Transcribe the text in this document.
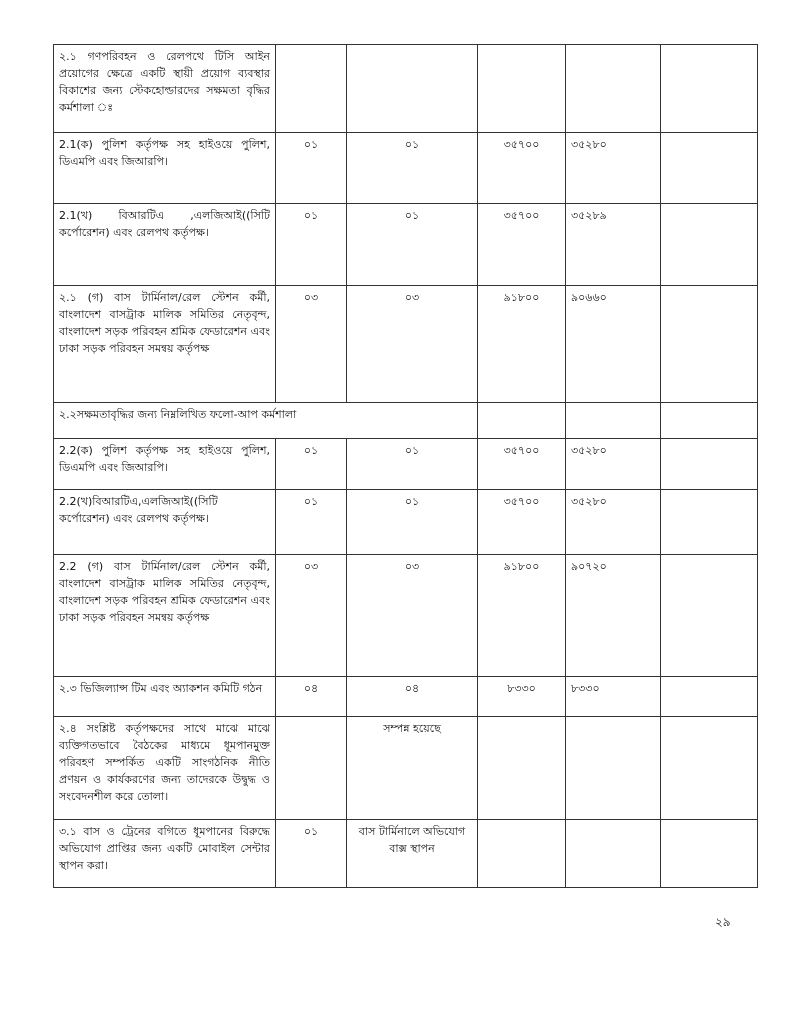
২.১ গণপরিবহন ও রেলপথে টিসি আইন প্রয়োগের ক্ষেত্রে একটি স্থায়ী প্রয়োগ ব্যবস্থার বিকাশের জন্য স্টেকহোল্ডারদের সক্ষমতা বৃদ্ধির কর্মশালা ঃ					
2.1(ক) পুলিশ কর্তৃপক্ষ সহ হাইওয়ে পুলিশ, ডিএমপি এবং জিআরপি।	০১	০১	৩৫৭০০	৩৫২৮০	
2.1(খ) বিআরটিএ ,এলজিআই((সিটি কর্পোরেশন) এবং রেলপথ কর্তৃপক্ষ।	০১	০১	৩৫৭০০	৩৫২৮৯	
২.১ (গ) বাস টার্মিনাল/রেল স্টেশন কর্মী, বাংলাদেশ বাসট্রাক মালিক সমিতির নেতৃবৃন্দ, বাংলাদেশ সড়ক পরিবহন শ্রমিক ফেডারেশন এবং ঢাকা সড়ক পরিবহন সমন্বয় কর্তৃপক্ষ	০৩	০৩	৯১৮০০	৯০৬৬০	
২.২সক্ষমতাবৃদ্ধির জন্য নিম্নলিখিত ফলো-আপ কর্মশালা					
2.2(ক) পুলিশ কর্তৃপক্ষ সহ হাইওয়ে পুলিশ, ডিএমপি এবং জিআরপি।	০১	০১	৩৫৭০০	৩৫২৮০	
2.2(খ)বিআরটিএ,এলজিআই((সিটি কর্পোরেশন) এবং রেলপথ কর্তৃপক্ষ।	০১	০১	৩৫৭০০	৩৫২৮০	
2.2 (গ) বাস টার্মিনাল/রেল স্টেশন কর্মী, বাংলাদেশ বাসট্রাক মালিক সমিতির নেতৃবৃন্দ, বাংলাদেশ সড়ক পরিবহন শ্রমিক ফেডারেশন এবং ঢাকা সড়ক পরিবহন সমন্বয় কর্তৃপক্ষ	০৩	০৩	৯১৮০০	৯০৭২০	
২.৩ ভিজিল্যান্স টিম এবং অ্যাকশন কমিটি গঠন	০৪	০৪	৮৩৩০	৮৩৩০	
২.৪ সংশ্লিষ্ট কর্তৃপক্ষদের সাথে মাঝে মাঝে ব্যক্তিগতভাবে বৈঠকের মাধ্যমে ধূমপানমুক্ত পরিবহণ সম্পর্কিত একটি সাংগঠনিক নীতি প্রণয়ন ও কার্যকরণের জন্য তাদেরকে উদ্বুদ্ধ ও সংবেদনশীল করে তোলা।		সম্পন্ন হয়েছে			
৩.১ বাস ও ট্রেনের বগিতে ধূমপানের বিরুদ্ধে অভিযোগ প্রাপ্তির জন্য একটি মোবাইল সেন্টার স্থাপন করা।	০১	বাস টার্মিনালে অভিযোগ বাক্স স্থাপন			
২৯
